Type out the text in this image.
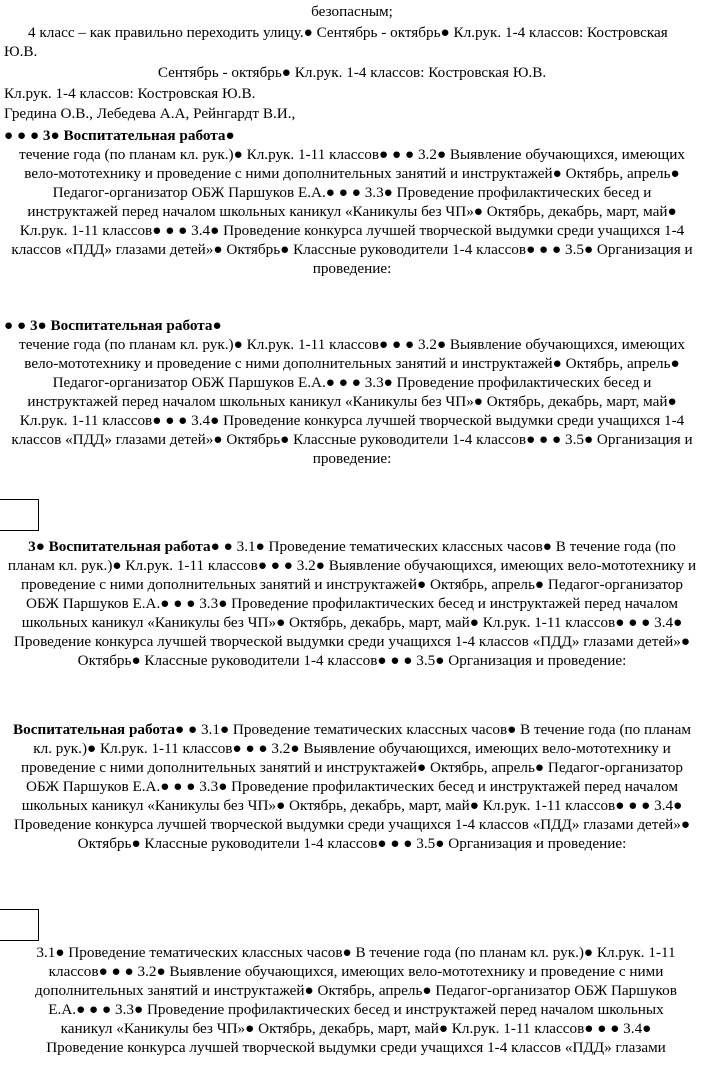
безопасным;

4 класс – как правильно переходить улицу.● Сентябрь - октябрь● Кл.рук. 1-4 классов: Костровская Ю.В.

Сентябрь - октябрь● Кл.рук. 1-4 классов: Костровская Ю.В.

Кл.рук. 1-4 классов: Костровская Ю.В.

Гредина О.В., Лебедева А.А, Рейнгардт В.И.,

● ● ● 3● Воспитательная работа●

течение года (по планам кл. рук.)● Кл.рук. 1-11 классов● ● ● 3.2● Выявление обучающихся, имеющих вело-мототехнику и проведение с ними дополнительных занятий и инструктажей● Октябрь, апрель● Педагог-организатор ОБЖ Паршуков Е.А.● ● ● 3.3● Проведение профилактических бесед и инструктажей перед началом школьных каникул «Каникулы без ЧП»● Октябрь, декабрь, март, май● Кл.рук. 1-11 классов● ● ● 3.4● Проведение конкурса лучшей творческой выдумки среди учащихся 1-4 классов «ПДД» глазами детей»● Октябрь● Классные руководители 1-4 классов● ● ● 3.5● Организация и проведение:

● ● 3● Воспитательная работа●

течение года (по планам кл. рук.)● Кл.рук. 1-11 классов● ● ● 3.2● Выявление обучающихся, имеющих вело-мототехнику и проведение с ними дополнительных занятий и инструктажей● Октябрь, апрель● Педагог-организатор ОБЖ Паршуков Е.А.● ● ● 3.3● Проведение профилактических бесед и инструктажей перед началом школьных каникул «Каникулы без ЧП»● Октябрь, декабрь, март, май● Кл.рук. 1-11 классов● ● ● 3.4● Проведение конкурса лучшей творческой выдумки среди учащихся 1-4 классов «ПДД» глазами детей»● Октябрь● Классные руководители 1-4 классов● ● ● 3.5● Организация и проведение:

3● Воспитательная работа● ● 3.1● Проведение тематических классных часов● В течение года (по планам кл. рук.)● Кл.рук. 1-11 классов● ● ● 3.2● Выявление обучающихся, имеющих вело-мототехнику и проведение с ними дополнительных занятий и инструктажей● Октябрь, апрель● Педагог-организатор ОБЖ Паршуков Е.А.● ● ● 3.3● Проведение профилактических бесед и инструктажей перед началом школьных каникул «Каникулы без ЧП»● Октябрь, декабрь, март, май● Кл.рук. 1-11 классов● ● ● 3.4● Проведение конкурса лучшей творческой выдумки среди учащихся 1-4 классов «ПДД» глазами детей»● Октябрь● Классные руководители 1-4 классов● ● ● 3.5● Организация и проведение:

Воспитательная работа● ● 3.1● Проведение тематических классных часов● В течение года (по планам кл. рук.)● Кл.рук. 1-11 классов● ● ● 3.2● Выявление обучающихся, имеющих вело-мототехнику и проведение с ними дополнительных занятий и инструктажей● Октябрь, апрель● Педагог-организатор ОБЖ Паршуков Е.А.● ● ● 3.3● Проведение профилактических бесед и инструктажей перед началом школьных каникул «Каникулы без ЧП»● Октябрь, декабрь, март, май● Кл.рук. 1-11 классов● ● ● 3.4● Проведение конкурса лучшей творческой выдумки среди учащихся 1-4 классов «ПДД» глазами детей»● Октябрь● Классные руководители 1-4 классов● ● ● 3.5● Организация и проведение:

3.1● Проведение тематических классных часов● В течение года (по планам кл. рук.)● Кл.рук. 1-11 классов● ● ● 3.2● Выявление обучающихся, имеющих вело-мототехнику и проведение с ними дополнительных занятий и инструктажей● Октябрь, апрель● Педагог-организатор ОБЖ Паршуков Е.А.● ● ● 3.3● Проведение профилактических бесед и инструктажей перед началом школьных каникул «Каникулы без ЧП»● Октябрь, декабрь, март, май● Кл.рук. 1-11 классов● ● ● 3.4● Проведение конкурса лучшей творческой выдумки среди учащихся 1-4 классов «ПДД» глазами
